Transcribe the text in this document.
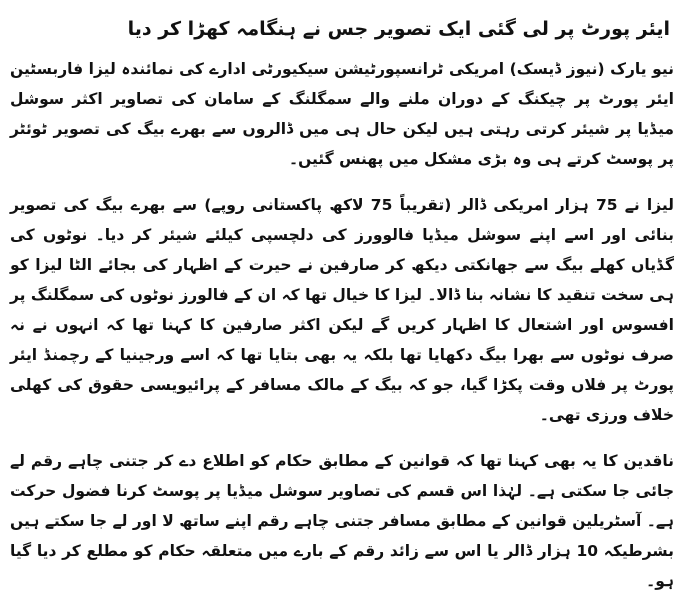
ایئر پورٹ پر لی گئی ایک تصویر جس نے ہنگامہ کھڑا کر دیا

نیو یارک (نیوز ڈیسک) امریکی ٹرانسپورٹیشن سیکیورٹی ادارے کی نمائندہ لیزا فاربسٹین ایئر پورٹ پر چیکنگ کے دوران ملنے والے سمگلنگ کے سامان کی تصاویر اکثر سوشل میڈیا پر شیئر کرتی رہتی ہیں لیکن حال ہی میں ڈالروں سے بھرے بیگ کی تصویر ٹوئٹر پر پوسٹ کرتے ہی وہ بڑی مشکل میں پھنس گئیں۔

لیزا نے 75 ہزار امریکی ڈالر (تقریباً 75 لاکھ پاکستانی روپے) سے بھرے بیگ کی تصویر بنائی اور اسے اپنے سوشل میڈیا فالوورز کی دلچسپی کیلئے شیئر کر دیا۔ نوٹوں کی گڈیاں کھلے بیگ سے جھانکتی دیکھ کر صارفین نے حیرت کے اظہار کی بجائے الٹا لیزا کو ہی سخت تنقید کا نشانہ بنا ڈالا۔ لیزا کا خیال تھا کہ ان کے فالورز نوٹوں کی سمگلنگ پر افسوس اور اشتعال کا اظہار کریں گے لیکن اکثر صارفین کا کہنا تھا کہ انہوں نے نہ صرف نوٹوں سے بھرا بیگ دکھایا تھا بلکہ یہ بھی بتایا تھا کہ اسے ورجینیا کے رچمنڈ ایئر پورٹ پر فلاں وقت پکڑا گیا، جو کہ بیگ کے مالک مسافر کے پرائیویسی حقوق کی کھلی خلاف ورزی تھی۔

ناقدین کا یہ بھی کہنا تھا کہ قوانین کے مطابق حکام کو اطلاع دے کر جتنی چاہے رقم لے جائی جا سکتی ہے۔ لہٰذا اس قسم کی تصاویر سوشل میڈیا پر پوسٹ کرنا فضول حرکت ہے۔ آسٹریلین قوانین کے مطابق مسافر جتنی چاہے رقم اپنے ساتھ لا اور لے جا سکتے ہیں بشرطیکہ 10 ہزار ڈالر یا اس سے زائد رقم کے بارے میں متعلقہ حکام کو مطلع کر دیا گیا ہو۔
